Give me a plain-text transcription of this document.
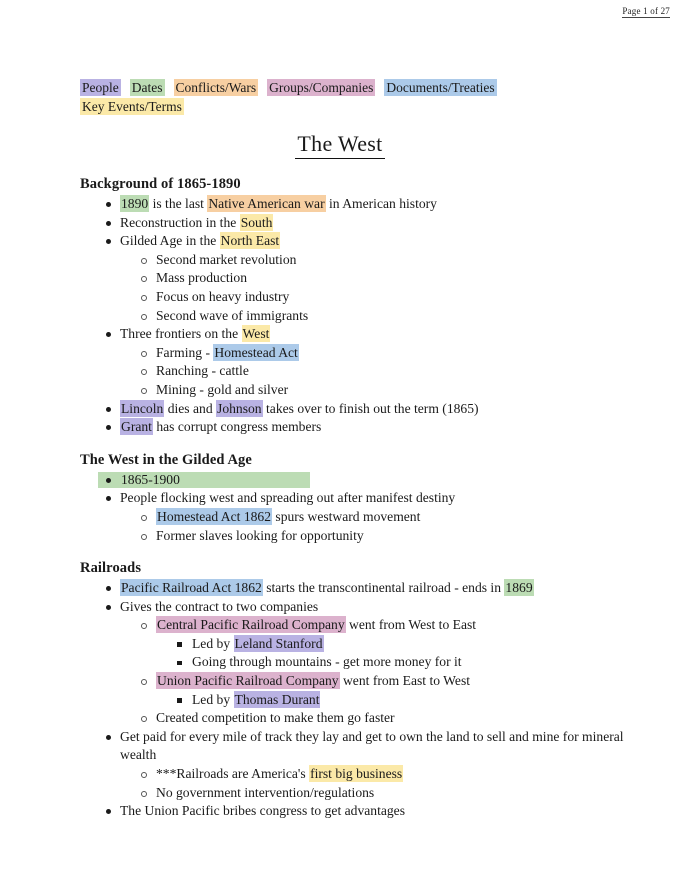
Page 1 of 27
People Dates Conflicts/Wars Groups/Companies Documents/TreatiesKey Events/Terms
The West
Background of 1865-1890
1890 is the last Native American war in American history
Reconstruction in the South
Gilded Age in the North East
Second market revolution
Mass production
Focus on heavy industry
Second wave of immigrants
Three frontiers on the West
Farming - Homestead Act
Ranching - cattle
Mining - gold and silver
Lincoln dies and Johnson takes over to finish out the term (1865)
Grant has corrupt congress members
The West in the Gilded Age
1865-1900
People flocking west and spreading out after manifest destiny
Homestead Act 1862 spurs westward movement
Former slaves looking for opportunity
Railroads
Pacific Railroad Act 1862 starts the transcontinental railroad - ends in 1869
Gives the contract to two companies
Central Pacific Railroad Company went from West to East
Led by Leland Stanford
Going through mountains - get more money for it
Union Pacific Railroad Company went from East to West
Led by Thomas Durant
Created competition to make them go faster
Get paid for every mile of track they lay and get to own the land to sell and mine for mineral wealth
***Railroads are America's first big business
No government intervention/regulations
The Union Pacific bribes congress to get advantages
